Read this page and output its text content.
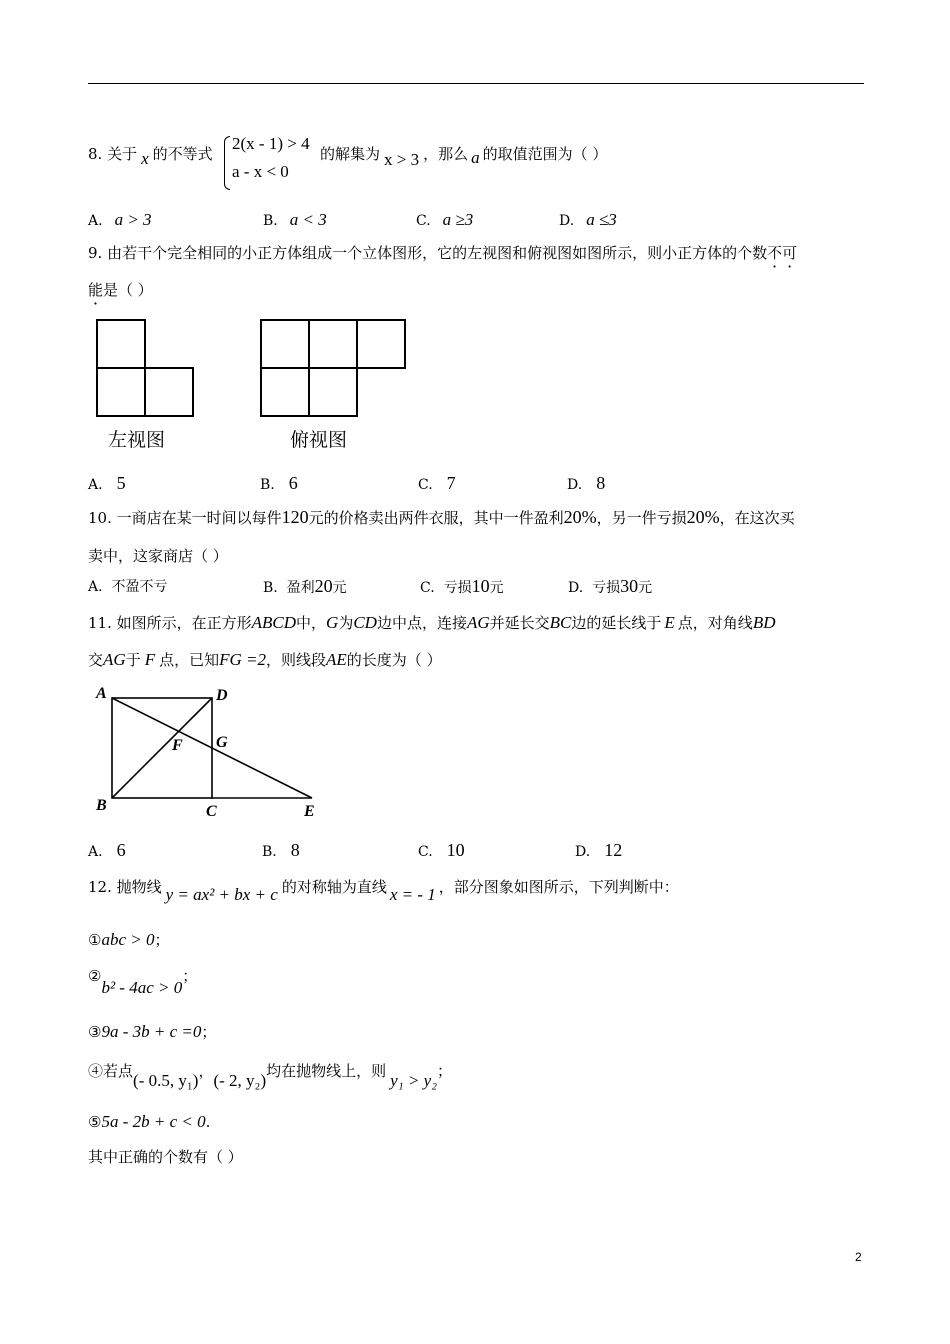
8. 关于 x 的不等式
2(x - 1) > 4
a - x < 0
的解集为 x > 3 ，那么 a 的取值范围为（ ）
A. a > 3	B. a < 3	C. a ≥3	D. a ≤3
9. 由若干个完全相同的小正方体组成一个立体图形，它的左视图和俯视图如图所示，则小正方体的个数不可
能是（ ）
左视图	俯视图
A. 5	B. 6	C. 7	D. 8
10. 一商店在某一时间以每件120元的价格卖出两件衣服，其中一件盈利20%，另一件亏损20%，在这次买
卖中，这家商店（ ）
A. 不盈不亏	B. 盈利20元	C. 亏损10元	D. 亏损30元
11. 如图所示，在正方形ABCD中，G为CD边中点，连接AG并延长交BC边的延长线于 E 点，对角线BD
交AG于 F 点，已知FG =2，则线段AE的长度为（ ）
A	D
F G
B	C	E
A. 6	B. 8	C. 10	D. 12
12. 抛物线 y = ax² + bx + c 的对称轴为直线 x = - 1 ，部分图象如图所示，下列判断中：
①abc > 0；
②b² - 4ac > 0；
③9a - 3b + c =0；
④若点(- 0.5, y₁)，(- 2, y₂)均在抛物线上，则 y₁ > y₂；
⑤5a - 2b + c < 0.
其中正确的个数有（ ）
2
